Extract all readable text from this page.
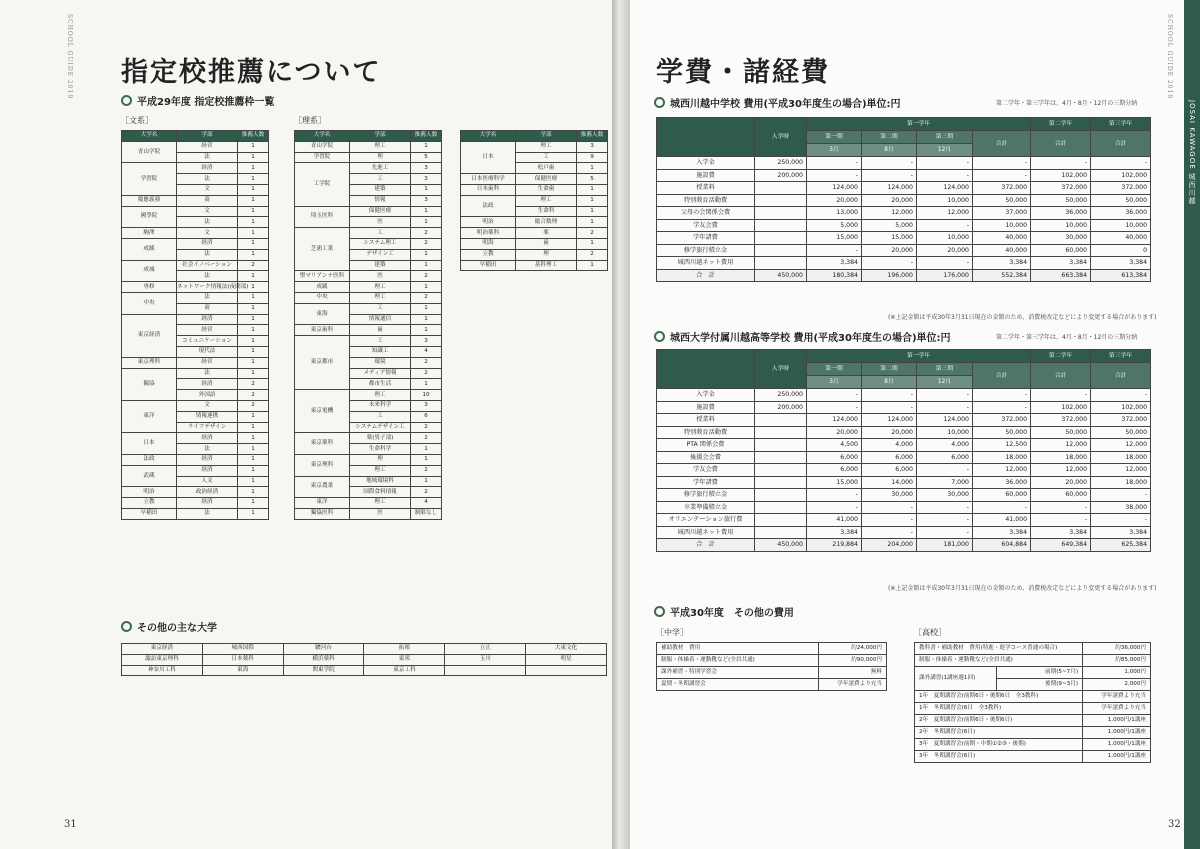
SCHOOL GUIDE 2019 指定校推薦について
平成29年度 指定校推薦枠一覧
［文系］	［理系］
大学名	学部	推薦人数
青山学院	経営	1
	法	1
学習院	経済	1
	法	1
	文	1
慶應義塾	商	1
國學院	文	1
	法	1
駒澤	文	1
成蹊	経済	1
	法	1
成城	社会イノベーション	2
	法	1
専修	ネットワーク情報法(夜間部)	1
中央	法	1
	商	1
東京経済	経済	1
	経営	1
	コミュニケーション	1
	現代法	1
東京理科	経営	1
獨協	法	1
	経済	2
	外国語	2
東洋	文	2
	情報連携	1
	ライフデザイン	1
日本	経済	1
	法	1
法政	経済	1
武蔵	経済	1
	人文	1
明治	政治経済	1
立教	経済	1
早稲田	法	1
大学名	学部	推薦人数
青山学院	理工	1
学習院	理	5
工学院	先進工	3
	工	3
	建築	1
	情報	3
埼玉医科	保健医療	1
	医	1
芝浦工業	工	2
	システム理工	2
	デザイン工	1
	建築	1
聖マリアンナ医科	医	2
成蹊	理工	1
中央	理工	2
東海	工	1
	情報通信	1
東京歯科	歯	1
東京都市	工	3
	知識工	4
	環境	2
	メディア情報	2
	都市生活	1
東京電機	理工	10
	未来科学	3
	工	6
	システムデザイン工	2
東京薬科	薬(男子部)	2
	生命科学	1
東京理科	理	1
	理工	2
東京農業	地域環境科	1
	国際食料情報	2
東洋	理工	4
獨協医科	医	制限なし
大学名	学部	推薦人数
日本	理工	3
	工	9
	松戸歯	1
日本医療科学	保健医療	5
日本歯科	生命歯	1
法政	理工	1
	生命科	1
明治	総合数理	1
明治薬科	薬	2
明海	歯	1
立教	理	2
早稲田	基幹理工	1
その他の主な大学
東京経済	城西国際	駿河台	拓殖	立正	大東文化
諏訪東京理科	日本薬科	横浜薬科	東邦	玉川	明星
神奈川工科	東海	関東学院	東京工科		
31
SCHOOL GUIDE 2019
JOSAI KAWAGOE 城西川越
学費・諸経費
城西川越中学校 費用(平成30年度生の場合)単位:円	第二学年・第三学年は、4月・8月・12月の三期分納
	入学時	第一学年				第二学年	第三学年
		第一期	第二期	第三期	合計	合計	合計
		3月	8月	12月			
入学金	250,000	-	-	-	-	-	-
施設費	200,000	-	-	-	-	102,000	102,000
授業料		124,000	124,000	124,000	372,000	372,000	372,000
特別教育活動費		20,000	20,000	10,000	50,000	50,000	50,000
父母の会関係会費		13,000	12,000	12,000	37,000	36,000	36,000
学友会費		5,000	5,000	-	10,000	10,000	10,000
学年諸費		15,000	15,000	10,000	40,000	30,000	40,000
修学旅行積立金		-	20,000	20,000	40,000	60,000	0
城西川越ネット費用		3,384	-	-	3,384	3,384	3,384
合　計	450,000	180,384	196,000	176,000	552,384	663,384	613,384
(※上記金額は平成30年3月31日現在の金額のため、消費税改定などにより変更する場合があります)
城西大学付属川越高等学校 費用(平成30年度生の場合)単位:円	第二学年・第三学年は、4月・8月・12月の三期分納
	入学時	第一学年				第二学年	第三学年
		第一期	第二期	第三期	合計	合計	合計
		3月	8月	12月			
入学金	250,000	-	-	-	-	-	-
施設費	200,000	-	-	-	-	102,000	102,000
授業料		124,000	124,000	124,000	372,000	372,000	372,000
特別教育活動費		20,000	20,000	10,000	50,000	50,000	50,000
PTA 関係会費		4,500	4,000	4,000	12,500	12,000	12,000
後援会会費		6,000	6,000	6,000	18,000	18,000	18,000
学友会費		6,000	6,000	-	12,000	12,000	12,000
学年諸費		15,000	14,000	7,000	36,000	20,000	18,000
修学旅行積立金		-	30,000	30,000	60,000	60,000	-
卒業準備積立金		-	-	-	-	-	38,000
オリエンテーション旅行費		41,000	-	-	41,000	-	-
城西川越ネット費用		3,384	-	-	3,384	3,384	3,384
合　計	450,000	219,884	204,000	181,000	604,884	649,384	625,384
(※上記金額は平成30年3月31日現在の金額のため、消費税改定などにより変更する場合があります)
平成30年度　その他の費用
［中学］	［高校］
補助教材　費用	約24,000円
制服・体操着・運動靴など(全員共通)	約90,000円
課外補習・特別学習会	無料
夏期・冬期講習会	学年諸費より充当
教科書・補助教材　費用(特進・進学コース普通の場合)		約36,000円
制服・体操着・運動靴など(全員共通)		約85,000円
課外講習(1講座週1回)	前期(5~7月)	1,000円
	後期(9~3月)	2,000円
1年　夏期講習会(前期6日・後期6日　全3教科)		学年諸費より充当
1年　冬期講習会(6日　全3教科)		学年諸費より充当
2年　夏期講習会(前期6日・後期6日)		1,000円/1講座
2年　冬期講習会(6日)		1,000円/1講座
3年　夏期講習会(前期・中期①②③・後期)		1,000円/1講座
3年　冬期講習会(6日)		1,000円/1講座
32
